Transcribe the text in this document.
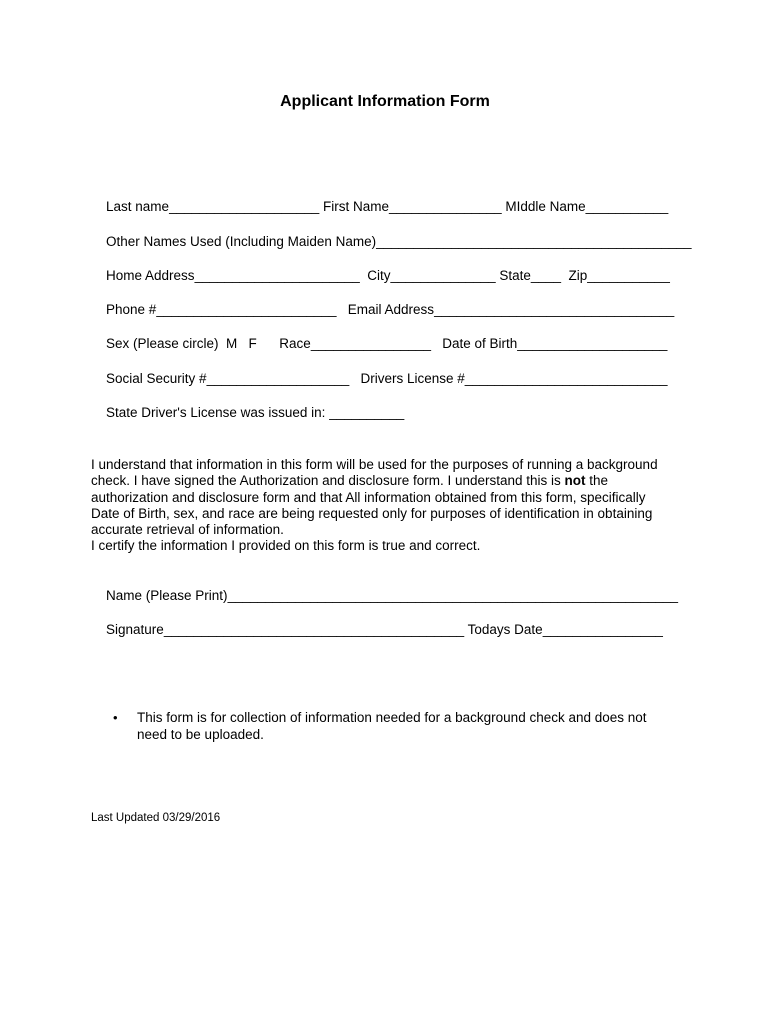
Applicant Information Form

Last name____________________ First Name_______________ MIddle Name___________

Other Names Used (Including Maiden Name)__________________________________________

Home Address______________________  City______________ State____  Zip___________

Phone #________________________   Email Address________________________________

Sex (Please circle)  M   F      Race________________   Date of Birth____________________

Social Security #___________________   Drivers License #___________________________

State Driver's License was issued in: __________

I understand that information in this form will be used for the purposes of running a background
check. I have signed the Authorization and disclosure form. I understand this is not the
authorization and disclosure form and that All information obtained from this form, specifically
Date of Birth, sex, and race are being requested only for purposes of identification in obtaining
accurate retrieval of information.
I certify the information I provided on this form is true and correct.

Name (Please Print)____________________________________________________________

Signature________________________________________ Todays Date________________

• This form is for collection of information needed for a background check and does not
need to be uploaded.
Last Updated 03/29/2016
